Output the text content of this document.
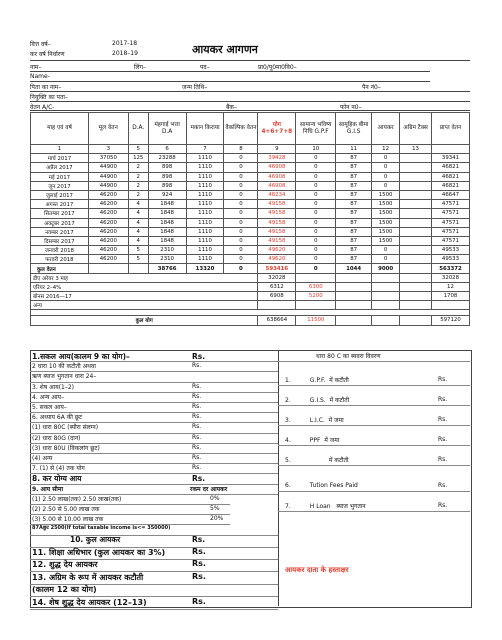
वित्त वर्ष–	2017-18
कर वर्ष निर्धारण	2018–19	आयकर आगणन
नाम–	लिंग–	पद–	प्रा0/पू0मा0वि0–
Name-
पिता का नाम–	जन्म तिथि–	पैन नं0–
नियुक्ति का पता–
वेतन A/C-	बैंक–	फोन न0–
माह एवं वर्ष	मूल वेतन	D.A.	मंहगाई भत्ता D.A	मकान किराया	वैकल्पिक वेतन	योग 4+6+7+8	सामान्य भविष्य निधि G.P.F	सामूहिक बीमा G.I.S	आयकर	अग्रिम टैक्स	प्राप्त वेतन
1	3	5	6	7	8	9	10	11	12	13	
मार्च 2017	37050	125	23288	1110	0	39428	0	87	0		39341
अप्रैल 2017	44900	2	898	1110	0	46908	0	87	0		46821
मई 2017	44900	2	898	1110	0	46908	0	87	0		46821
जून 2017	44900	2	898	1110	0	46908	0	87	0		46821
जुलाई 2017	46200	2	924	1110	0	48234	0	87	1500		46647
अगस्त 2017	46200	4	1848	1110	0	49158	0	87	1500		47571
सितम्बर 2017	46200	4	1848	1110	0	49158	0	87	1500		47571
अक्टूबर 2017	46200	4	1848	1110	0	49158	0	87	1500		47571
नवम्बर 2017	46200	4	1848	1110	0	49158	0	87	1500		47571
दिसम्बर 2017	46200	4	1848	1110	0	49158	0	87	1500		47571
जनवरी 2018	46200	5	2310	1110	0	49620	0	87	0		49533
फरवरी 2018	46200	5	2310	1110	0	49620	0	87	0		49533
कुल वेतन			38766	13320	0	593416	0	1044	9000		563372
डीए अरेयर 3 माह						32028					32028
एरियर 2–4%						6312	6300				12
बोनस 2016—17						6908	5200				1708
अन्य											

कुल योग						638664	11500				597120
1.सकल आय(कालम 9 का योग)–	Rs.
2 धारा 10 की कटौती अथवा	Rs.
ऋण ब्याज भुगतान धारा 24–
3. शेष आय(1–2)	Rs.
4. अन्य आय–	Rs.
5. सकल आय–	Rs.
6. अध्याय 6A की छूट	Rs.
(1) धारा 80C (ब्यौरा संलग्न)	Rs.
(2) धारा 80G (दान)	Rs.
(3) धारा 80U (विकलांग छूट)	Rs.
(4) अन्य	Rs.
7. (1) से (4) तक योग	Rs.
8. कर योग्य आय	Rs.
9. आय सीमा	रकम दर आयकर
(1) 2.50 लाख(तक) 2.50 लाख(तक)	0%
(2) 2.50 से 5.00 लाख तक	5%
(3) 5.00 से 10.00 लाख तक	20%
87Aछूट 2500(If total taxable income is<= 350000)
10. कुल आयकर	Rs.
11. शिक्षा अधिभार (कुल आयकर का 3%)	Rs.
12. शुद्ध देय आयकर	Rs.
13. अग्रिम के रूप में आयकर कटौती	Rs.
(कालम 12 का योग)
14. शेष शुद्ध देय आयकर (12–13)	Rs.
धारा 80 C का ब्यवरा विवरण
1.          G.P.F.  में कटौती	Rs.
2.          G.I.S.  में कटौती	Rs.
3.          L.I.C.  में जमा	Rs.
4.          PPF  में जमा	Rs.
5.                    में कटौती	Rs.
6.          Tution Fees Paid	Rs.
7.          H Loan   ब्याज भुगतान	Rs.
आयकर दाता के हस्ताक्षर
